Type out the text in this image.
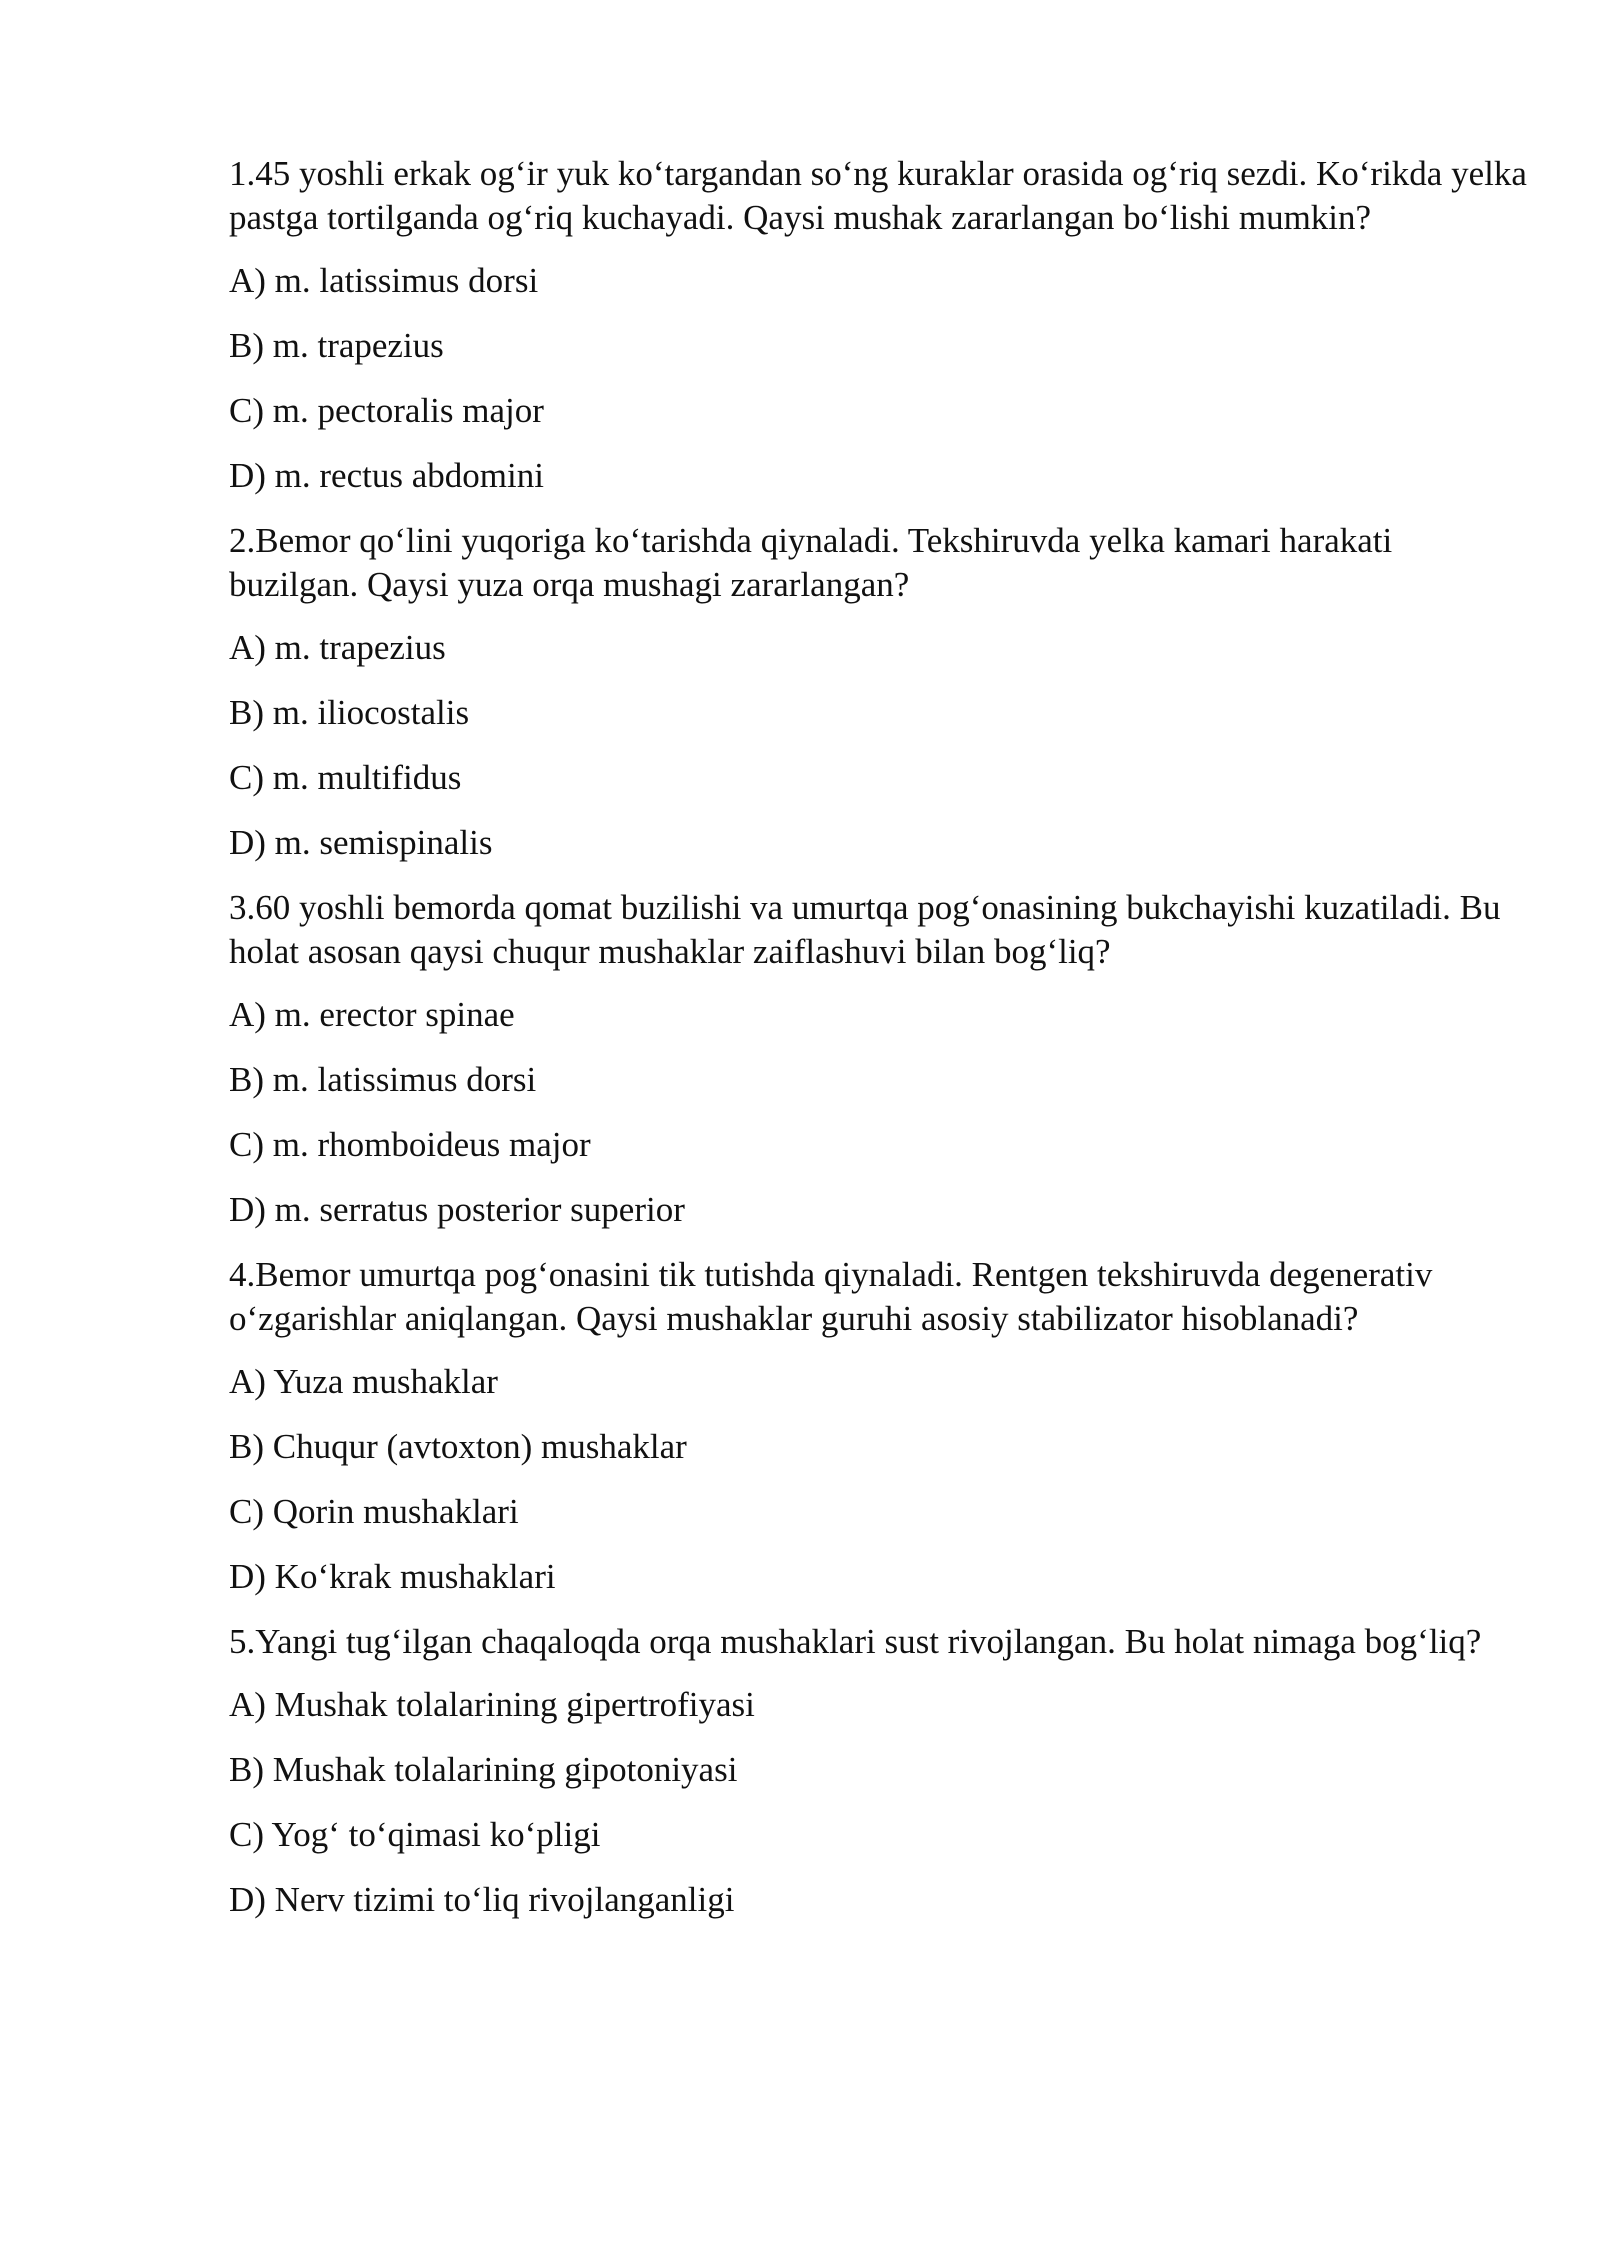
1.45 yoshli erkak og‘ir yuk ko‘targandan so‘ng kuraklar orasida og‘riq sezdi. Ko‘rikda yelka pastga tortilganda og‘riq kuchayadi. Qaysi mushak zararlangan bo‘lishi mumkin?

A) m. latissimus dorsi

B) m. trapezius

C) m. pectoralis major

D) m. rectus abdomini

2.Bemor qo‘lini yuqoriga ko‘tarishda qiynaladi. Tekshiruvda yelka kamari harakati buzilgan. Qaysi yuza orqa mushagi zararlangan?

A) m. trapezius

B) m. iliocostalis

C) m. multifidus

D) m. semispinalis

3.60 yoshli bemorda qomat buzilishi va umurtqa pog‘onasining bukchayishi kuzatiladi. Bu holat asosan qaysi chuqur mushaklar zaiflashuvi bilan bog‘liq?

A) m. erector spinae

B) m. latissimus dorsi

C) m. rhomboideus major

D) m. serratus posterior superior

4.Bemor umurtqa pog‘onasini tik tutishda qiynaladi. Rentgen tekshiruvda degenerativ o‘zgarishlar aniqlangan. Qaysi mushaklar guruhi asosiy stabilizator hisoblanadi?

A) Yuza mushaklar

B) Chuqur (avtoxton) mushaklar

C) Qorin mushaklari

D) Ko‘krak mushaklari

5.Yangi tug‘ilgan chaqaloqda orqa mushaklari sust rivojlangan. Bu holat nimaga bog‘liq?

A) Mushak tolalarining gipertrofiyasi

B) Mushak tolalarining gipotoniyasi

C) Yog‘ to‘qimasi ko‘pligi

D) Nerv tizimi to‘liq rivojlanganligi
